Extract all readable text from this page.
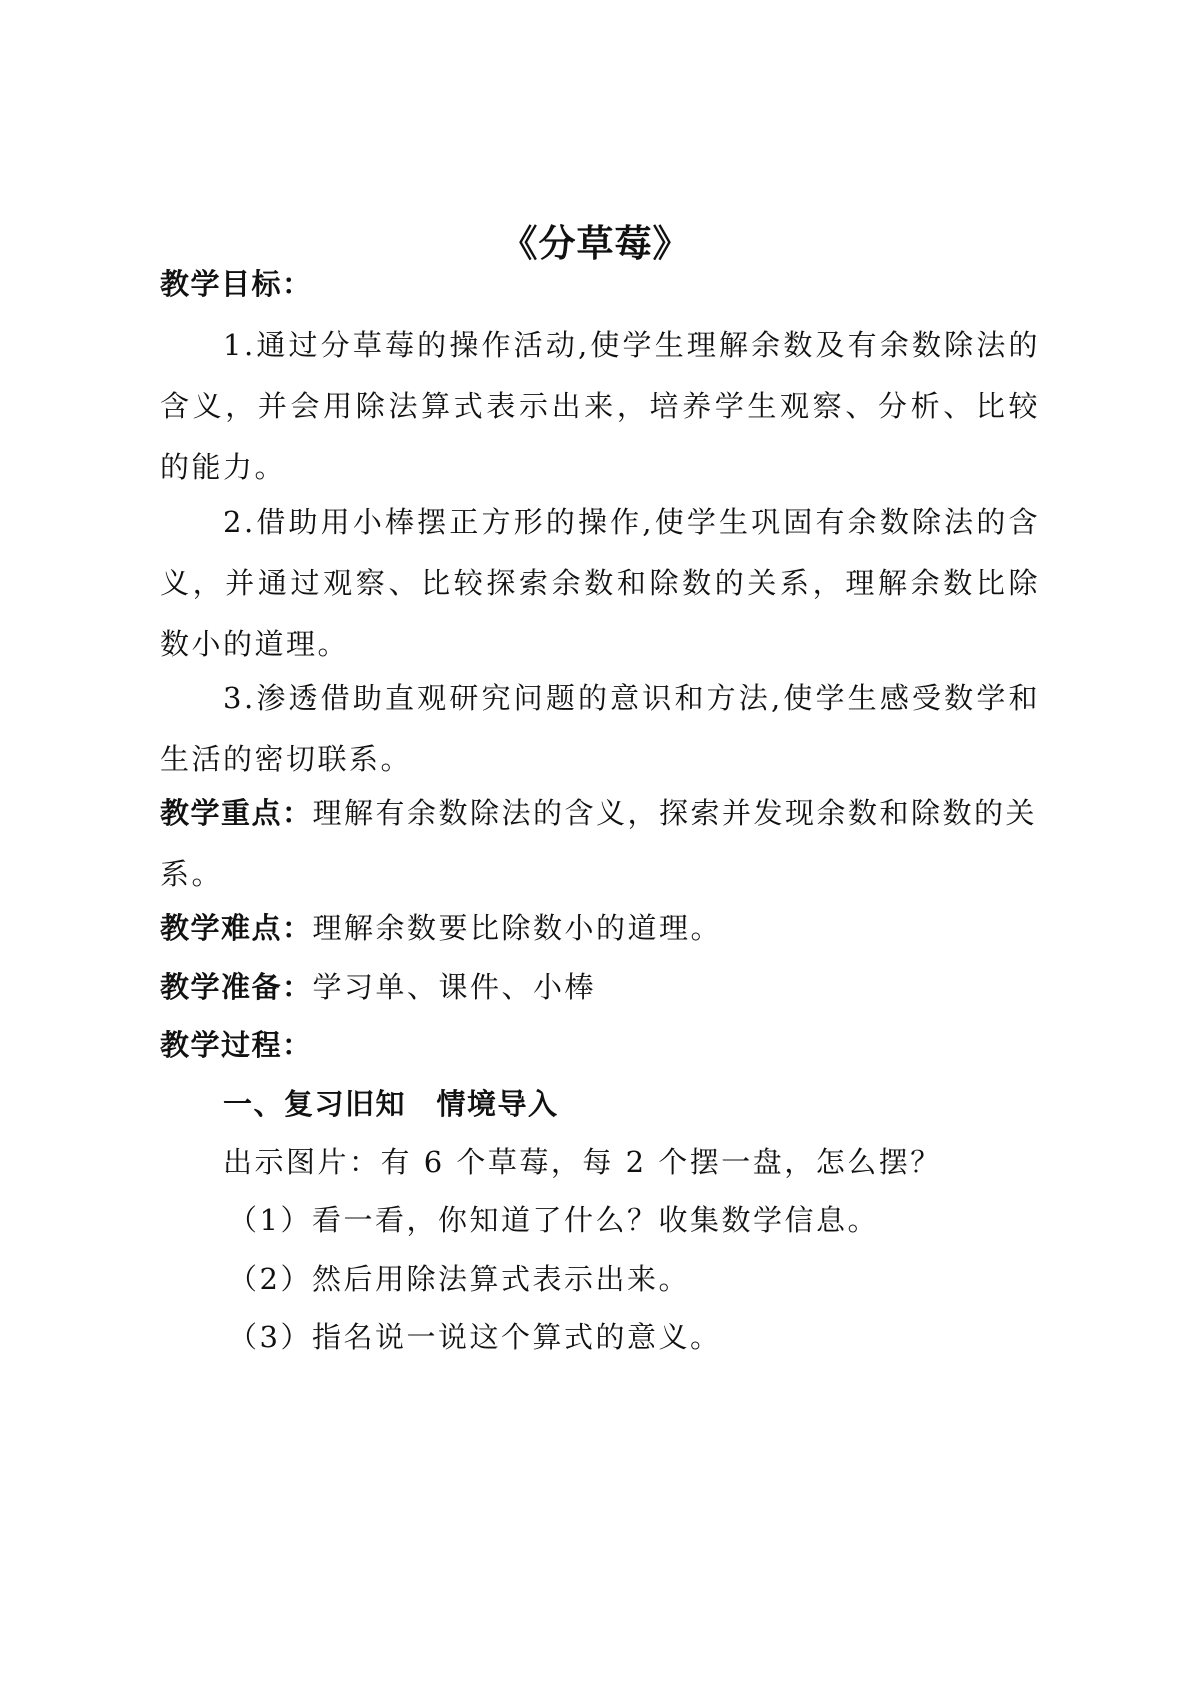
《分草莓》
教学目标：
1.通过分草莓的操作活动,使学生理解余数及有余数除法的含义，并会用除法算式表示出来，培养学生观察、分析、比较的能力。
2.借助用小棒摆正方形的操作,使学生巩固有余数除法的含义，并通过观察、比较探索余数和除数的关系，理解余数比除数小的道理。
3.渗透借助直观研究问题的意识和方法,使学生感受数学和生活的密切联系。
教学重点：理解有余数除法的含义，探索并发现余数和除数的关系。
教学难点：理解余数要比除数小的道理。
教学准备：学习单、课件、小棒
教学过程：
一、复习旧知　情境导入
出示图片：有 6 个草莓，每 2 个摆一盘，怎么摆？
（1）看一看，你知道了什么？收集数学信息。
（2）然后用除法算式表示出来。
（3）指名说一说这个算式的意义。
